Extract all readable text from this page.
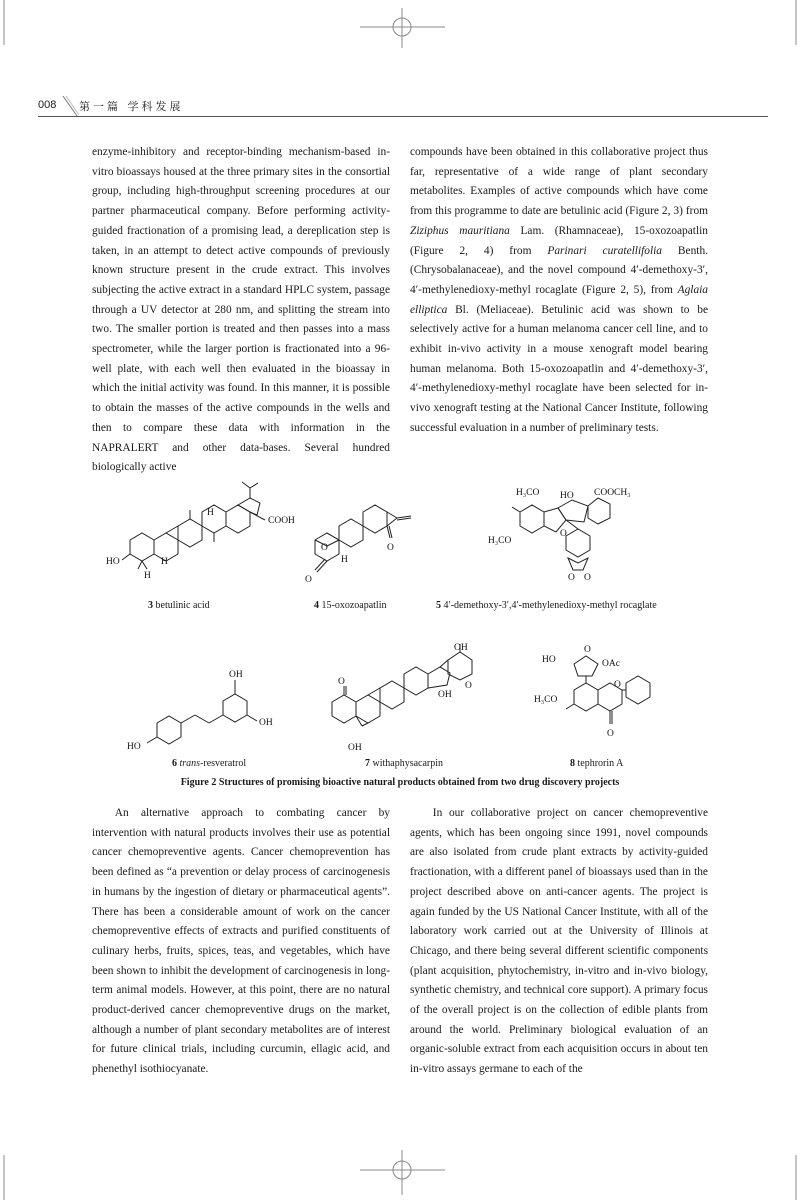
008 第一篇 学科发展

enzyme-inhibitory and receptor-binding mechanism-based in-vitro bioassays housed at the three primary sites in the consortial group, including high-throughput screening procedures at our partner pharmaceutical company. Before performing activity-guided fractionation of a promising lead, a dereplication step is taken, in an attempt to detect active compounds of previously known structure present in the crude extract. This involves subjecting the active extract in a standard HPLC system, passage through a UV detector at 280 nm, and splitting the stream into two. The smaller portion is treated and then passes into a mass spectrometer, while the larger portion is fractionated into a 96-well plate, with each well then evaluated in the bioassay in which the initial activity was found. In this manner, it is possible to obtain the masses of the active compounds in the wells and then to compare these data with information in the NAPRALERT and other data-bases. Several hundred biologically active

compounds have been obtained in this collaborative project thus far, representative of a wide range of plant secondary metabolites. Examples of active compounds which have come from this programme to date are betulinic acid (Figure 2, 3) from Ziziphus mauritiana Lam. (Rhamnaceae), 15-oxozoapatlin (Figure 2, 4) from Parinari curatellifolia Benth. (Chrysobalanaceae), and the novel compound 4′-demethoxy-3′, 4′-methylenedioxy-methyl rocaglate (Figure 2, 5), from Aglaia elliptica Bl. (Meliaceae). Betulinic acid was shown to be selectively active for a human melanoma cancer cell line, and to exhibit in-vivo activity in a mouse xenograft model bearing human melanoma. Both 15-oxozoapatlin and 4′-demethoxy-3′, 4′-methylenedioxy-methyl rocaglate have been selected for in-vivo xenograft testing at the National Cancer Institute, following successful evaluation in a number of preliminary tests.

COOH
HO
H
H
H
3 betulinic acid
O	O
O
H
4 15-oxozoapatlin
H₃CO HO COOCH₃
H₃CO
O
O O
5 4′-demethoxy-3′,4′-methylenedioxy-methyl rocaglate
OH
OH
HO
6 trans-resveratrol
O
OH
OH
OH
O
7 withaphysacarpin
HO
O
OAc
H₃CO
O
O
8 tephrorin A
Figure 2 Structures of promising bioactive natural products obtained from two drug discovery projects

An alternative approach to combating cancer by intervention with natural products involves their use as potential cancer chemopreventive agents. Cancer chemoprevention has been defined as “a prevention or delay process of carcinogenesis in humans by the ingestion of dietary or pharmaceutical agents”. There has been a considerable amount of work on the cancer chemopreventive effects of extracts and purified constituents of culinary herbs, fruits, spices, teas, and vegetables, which have been shown to inhibit the development of carcinogenesis in long-term animal models. However, at this point, there are no natural product-derived cancer chemopreventive drugs on the market, although a number of plant secondary metabolites are of interest for future clinical trials, including curcumin, ellagic acid, and phenethyl isothiocyanate.

In our collaborative project on cancer chemopreventive agents, which has been ongoing since 1991, novel compounds are also isolated from crude plant extracts by activity-guided fractionation, with a different panel of bioassays used than in the project described above on anti-cancer agents. The project is again funded by the US National Cancer Institute, with all of the laboratory work carried out at the University of Illinois at Chicago, and there being several different scientific components (plant acquisition, phytochemistry, in-vitro and in-vivo biology, synthetic chemistry, and technical core support). A primary focus of the overall project is on the collection of edible plants from around the world. Preliminary biological evaluation of an organic-soluble extract from each acquisition occurs in about ten in-vitro assays germane to each of the
